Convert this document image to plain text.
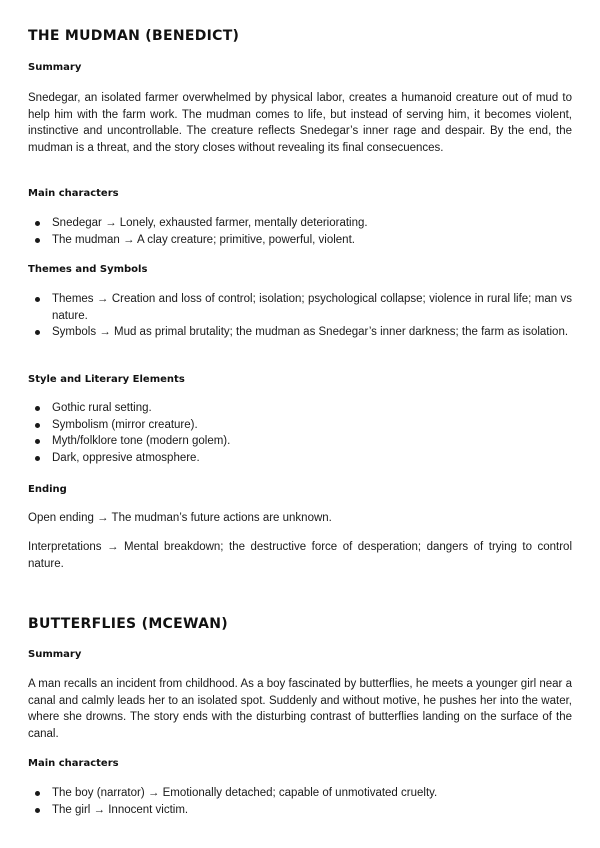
THE MUDMAN (BENEDICT)
Summary

Snedegar, an isolated farmer overwhelmed by physical labor, creates a humanoid creature out of mud to help him with the farm work. The mudman comes to life, but instead of serving him, it becomes violent, instinctive and uncontrollable. The creature reflects Snedegar’s inner rage and despair. By the end, the mudman is a threat, and the story closes without revealing its final consecuences.

Main characters
Snedegar → Lonely, exhausted farmer, mentally deteriorating.
The mudman → A clay creature; primitive, powerful, violent.
Themes and Symbols
Themes → Creation and loss of control; isolation; psychological collapse; violence in rural life; man vs nature.
Symbols → Mud as primal brutality; the mudman as Snedegar’s inner darkness; the farm as isolation.
Style and Literary Elements
Gothic rural setting.
Symbolism (mirror creature).
Myth/folklore tone (modern golem).
Dark, oppresive atmosphere.
Ending

Open ending → The mudman’s future actions are unknown.

Interpretations → Mental breakdown; the destructive force of desperation; dangers of trying to control nature.

BUTTERFLIES (MCEWAN)
Summary

A man recalls an incident from childhood. As a boy fascinated by butterflies, he meets a younger girl near a canal and calmly leads her to an isolated spot. Suddenly and without motive, he pushes her into the water, where she drowns. The story ends with the disturbing contrast of butterflies landing on the surface of the canal.

Main characters
The boy (narrator) → Emotionally detached; capable of unmotivated cruelty.
The girl → Innocent victim.
